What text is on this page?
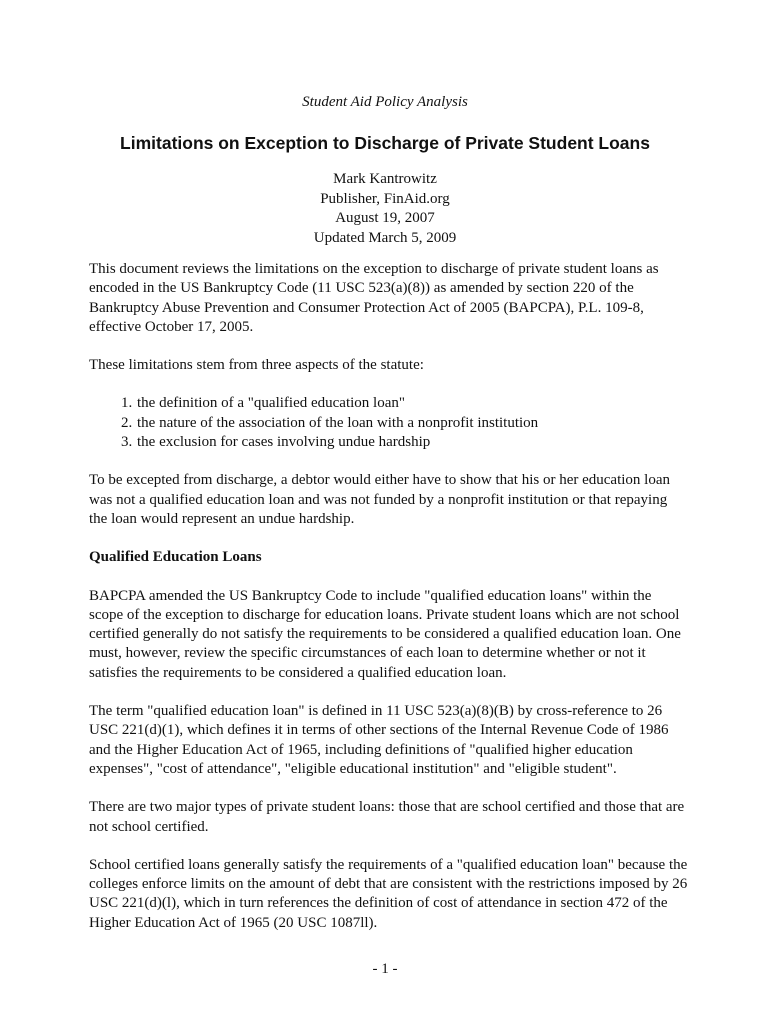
Student Aid Policy Analysis
Limitations on Exception to Discharge of Private Student Loans
Mark Kantrowitz
Publisher, FinAid.org
August 19, 2007
Updated March 5, 2009

This document reviews the limitations on the exception to discharge of private student loans as encoded in the US Bankruptcy Code (11 USC 523(a)(8)) as amended by section 220 of the Bankruptcy Abuse Prevention and Consumer Protection Act of 2005 (BAPCPA), P.L. 109-8, effective October 17, 2005.

These limitations stem from three aspects of the statute:

1. the definition of a "qualified education loan"
2. the nature of the association of the loan with a nonprofit institution
3. the exclusion for cases involving undue hardship

To be excepted from discharge, a debtor would either have to show that his or her education loan was not a qualified education loan and was not funded by a nonprofit institution or that repaying the loan would represent an undue hardship.

Qualified Education Loans

BAPCPA amended the US Bankruptcy Code to include "qualified education loans" within the scope of the exception to discharge for education loans. Private student loans which are not school certified generally do not satisfy the requirements to be considered a qualified education loan. One must, however, review the specific circumstances of each loan to determine whether or not it satisfies the requirements to be considered a qualified education loan.

The term "qualified education loan" is defined in 11 USC 523(a)(8)(B) by cross-reference to 26 USC 221(d)(1), which defines it in terms of other sections of the Internal Revenue Code of 1986 and the Higher Education Act of 1965, including definitions of "qualified higher education expenses", "cost of attendance", "eligible educational institution" and "eligible student".

There are two major types of private student loans: those that are school certified and those that are not school certified.

School certified loans generally satisfy the requirements of a "qualified education loan" because the colleges enforce limits on the amount of debt that are consistent with the restrictions imposed by 26 USC 221(d)(l), which in turn references the definition of cost of attendance in section 472 of the Higher Education Act of 1965 (20 USC 1087ll).

- 1 -
